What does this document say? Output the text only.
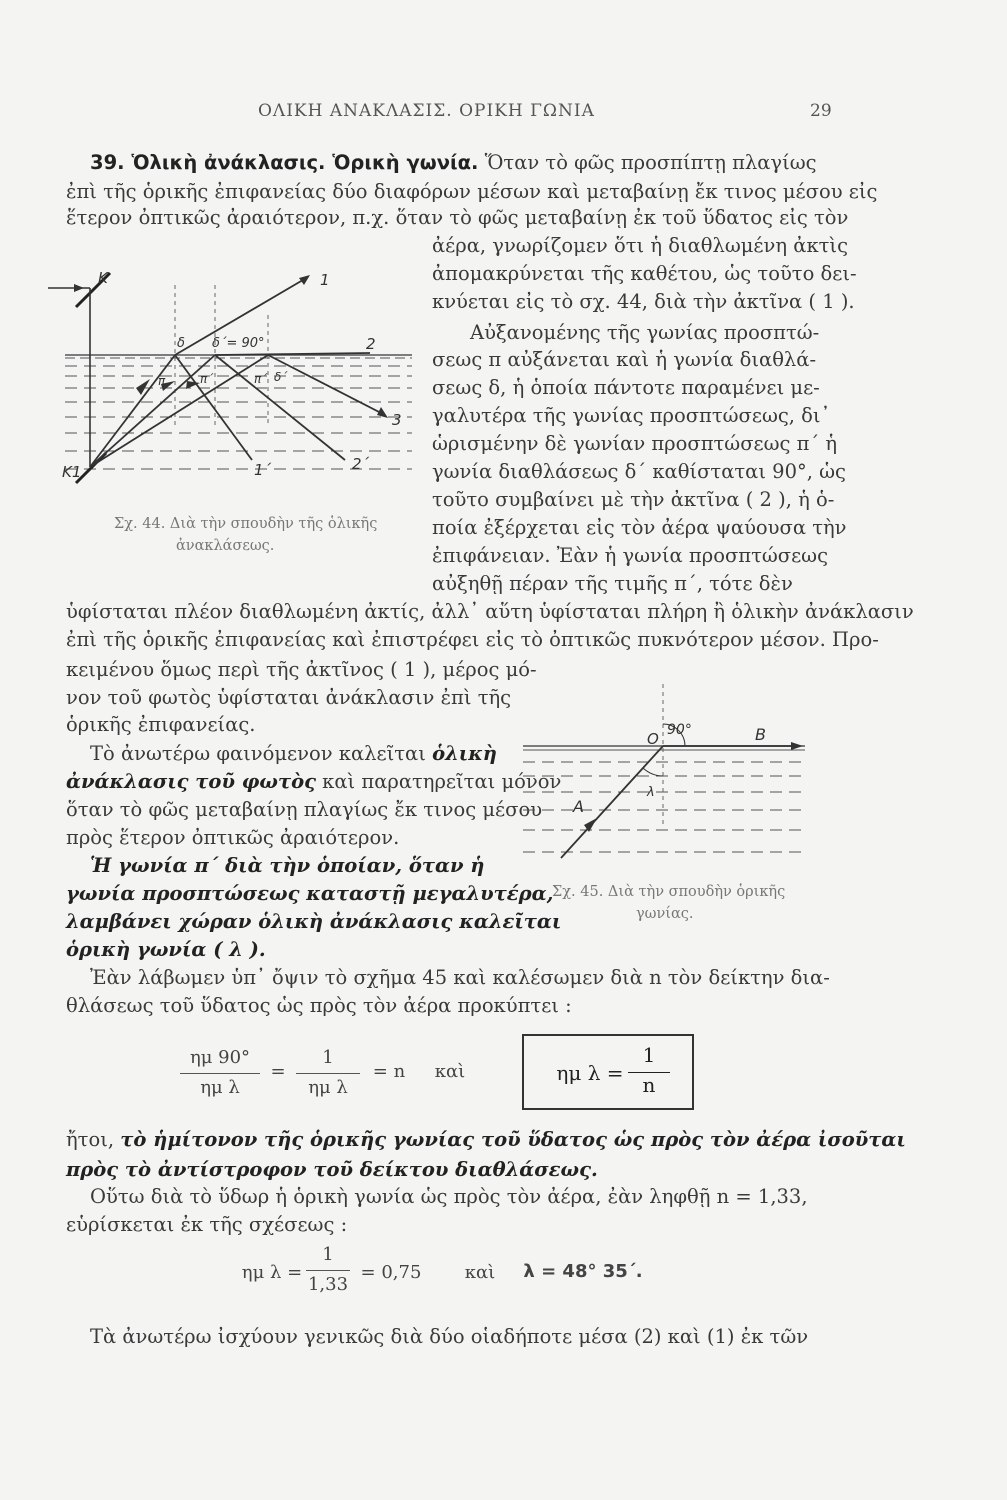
ΟΛΙΚΗ ΑΝΑΚΛΑΣΙΣ. ΟΡΙΚΗ ΓΩΝΙΑ	29
39. Ὁλικὴ ἀνάκλασις. Ὁρικὴ γωνία. Ὅταν τὸ φῶς προσπίπτῃ πλαγίως
ἐπὶ τῆς ὁρικῆς ἐπιφανείας δύο διαφόρων μέσων καὶ μεταβαίνῃ ἔκ τινος μέσου εἰς
ἕτερον ὀπτικῶς ἀραιότερον, π.χ. ὅταν τὸ φῶς μεταβαίνῃ ἐκ τοῦ ὕδατος εἰς τὸν
ἀέρα, γνωρίζομεν ὅτι ἡ διαθλωμένη ἀκτὶς
ἀπομακρύνεται τῆς καθέτου, ὡς τοῦτο δει-
κνύεται εἰς τὸ σχ. 44, διὰ τὴν ἀκτῖνα ( 1 ).
Αὐξανομένης τῆς γωνίας προσπτώ-
σεως π αὐξάνεται καὶ ἡ γωνία διαθλά-
σεως δ, ἡ ὁποία πάντοτε παραμένει με-
γαλυτέρα τῆς γωνίας προσπτώσεως, δι᾿
ὡρισμένην δὲ γωνίαν προσπτώσεως π΄ ἡ
γωνία διαθλάσεως δ΄ καθίσταται 90°, ὡς
τοῦτο συμβαίνει μὲ τὴν ἀκτῖνα ( 2 ), ἡ ὁ-
ποία ἐξέρχεται εἰς τὸν ἀέρα ψαύουσα τὴν
ἐπιφάνειαν. Ἐὰν ἡ γωνία προσπτώσεως
αὐξηθῇ πέραν τῆς τιμῆς π΄, τότε δὲν
ὑφίσταται πλέον διαθλωμένη ἀκτίς, ἀλλ᾿ αὕτη ὑφίσταται πλήρη ἢ ὁλικὴν ἀνάκλασιν
ἐπὶ τῆς ὁρικῆς ἐπιφανείας καὶ ἐπιστρέφει εἰς τὸ ὀπτικῶς πυκνότερον μέσον. Προ-
κειμένου ὅμως περὶ τῆς ἀκτῖνος ( 1 ), μέρος μό-
νον τοῦ φωτὸς ὑφίσταται ἀνάκλασιν ἐπὶ τῆς
ὁρικῆς ἐπιφανείας.
Τὸ ἀνωτέρω φαινόμενον καλεῖται ὁλικὴ
ἀνάκλασις τοῦ φωτὸς καὶ παρατηρεῖται μόνον
ὅταν τὸ φῶς μεταβαίνῃ πλαγίως ἔκ τινος μέσου
πρὸς ἕτερον ὀπτικῶς ἀραιότερον.
Ἡ γωνία π΄ διὰ τὴν ὁποίαν, ὅταν ἡ
γωνία προσπτώσεως καταστῇ μεγαλυτέρα,
λαμβάνει χώραν ὁλικὴ ἀνάκλασις καλεῖται
ὁρικὴ γωνία ( λ ).
Ἐὰν λάβωμεν ὑπ᾿ ὄψιν τὸ σχῆμα 45 καὶ καλέσωμεν διὰ n τὸν δείκτην δια-
θλάσεως τοῦ ὕδατος ὡς πρὸς τὸν ἀέρα προκύπτει :
ημ 90°
ημ λ
=
1
ημ λ
= n	καὶ	ημ λ =
1
n
ἤτοι, τὸ ἡμίτονον τῆς ὁρικῆς γωνίας τοῦ ὕδατος ὡς πρὸς τὸν ἀέρα ἰσοῦται
πρὸς τὸ ἀντίστροφον τοῦ δείκτου διαθλάσεως.
Οὕτω διὰ τὸ ὕδωρ ἡ ὁρικὴ γωνία ὡς πρὸς τὸν ἀέρα, ἐὰν ληφθῇ n = 1,33,
εὑρίσκεται ἐκ τῆς σχέσεως :
ημ λ =
1
1,33
= 0,75	καὶ	λ = 48° 35΄.
Τὰ ἀνωτέρω ἰσχύουν γενικῶς διὰ δύο οἱαδήποτε μέσα (2) καὶ (1) ἐκ τῶν
K
K1
1
2
3
1΄	2΄
δ δ΄= 90°
π	π΄	π΄ δ΄
Σχ. 44. Διὰ τὴν σπουδὴν τῆς ὁλικῆς
ἀνακλάσεως.
O 90°	B
A
λ
Σχ. 45. Διὰ τὴν σπουδὴν ὁρικῆς
γωνίας.
